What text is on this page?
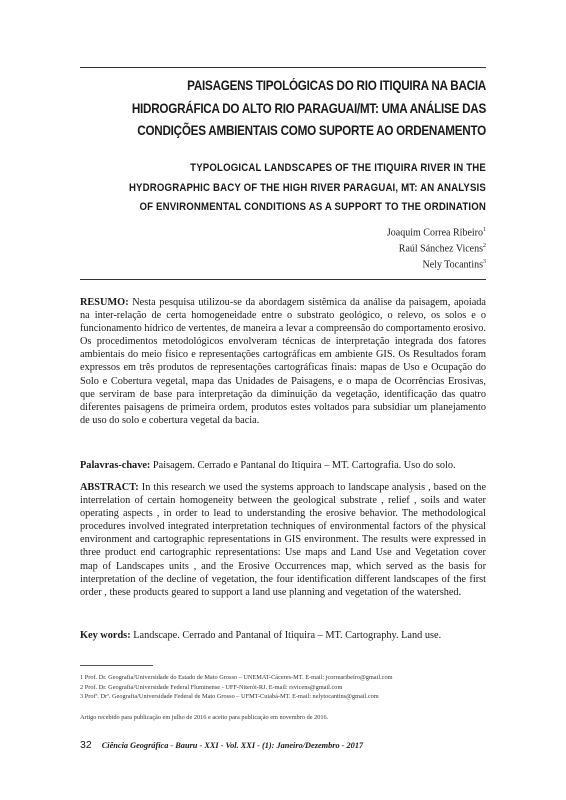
PAISAGENS TIPOLÓGICAS DO RIO ITIQUIRA NA BACIA
HIDROGRÁFICA DO ALTO RIO PARAGUAI/MT: UMA ANÁLISE DAS
CONDIÇÕES AMBIENTAIS COMO SUPORTE AO ORDENAMENTO
TYPOLOGICAL LANDSCAPES OF THE ITIQUIRA RIVER IN THE
HYDROGRAPHIC BACY OF THE HIGH RIVER PARAGUAI, MT: AN ANALYSIS
OF ENVIRONMENTAL CONDITIONS AS A SUPPORT TO THE ORDINATION
Joaquim Correa Ribeiro$^1$
Raúl Sánchez Vicens$^2$
Nely Tocantins$^3$
RESUMO: Nesta pesquisa utilizou-se da abordagem sistêmica da análise da paisagem, apoiada na inter-relação de certa homogeneidade entre o substrato geológico, o relevo, os solos e o funcionamento hídrico de vertentes, de maneira a levar a compreensão do comportamento erosivo. Os procedimentos metodológicos envolveram técnicas de interpretação integrada dos fatores ambientais do meio físico e representações cartográficas em ambiente GIS. Os Resultados foram expressos em três produtos de representações cartográficas finais: mapas de Uso e Ocupação do Solo e Cobertura vegetal, mapa das Unidades de Paisagens, e o mapa de Ocorrências Erosivas, que serviram de base para interpretação da diminuição da vegetação, identificação das quatro diferentes paisagens de primeira ordem, produtos estes voltados para subsidiar um planejamento de uso do solo e cobertura vegetal da bacia.
Palavras-chave: Paisagem. Cerrado e Pantanal do Itiquira – MT. Cartografia. Uso do solo.
ABSTRACT: In this research we used the systems approach to landscape analysis , based on the interrelation of certain homogeneity between the geological substrate , relief , soils and water operating aspects , in order to lead to understanding the erosive behavior. The methodological procedures involved integrated interpretation techniques of environmental factors of the physical environment and cartographic representations in GIS environment. The results were expressed in three product end cartographic representations: Use maps and Land Use and Vegetation cover map of Landscapes units , and the Erosive Occurrences map, which served as the basis for interpretation of the decline of vegetation, the four identification different landscapes of the first order , these products geared to support a land use planning and vegetation of the watershed.
Key words: Landscape. Cerrado and Pantanal of Itiquira – MT. Cartography. Land use.
1 Prof. Dr. Geografia/Universidade do Estado de Mato Grosso – UNEMAT-Cáceres-MT. E-mail: jcorrearibeiro@gmail.com
2 Prof. Dr. Geografia/Universidade Federal Fluminense - UFF-Niterói-RJ. E-mail: rsvicens@gmail.com
3 Profª. Drª. Geografia/Universidade Federal de Mato Grosso – UFMT-Cuiabá-MT. E-mail: nelytocantins@gmail.com
Artigo recebido para publicação em julho de 2016 e aceito para publicação em novembro de 2016.
32 Ciência Geográfica - Bauru - XXI - Vol. XXI - (1): Janeiro/Dezembro - 2017
